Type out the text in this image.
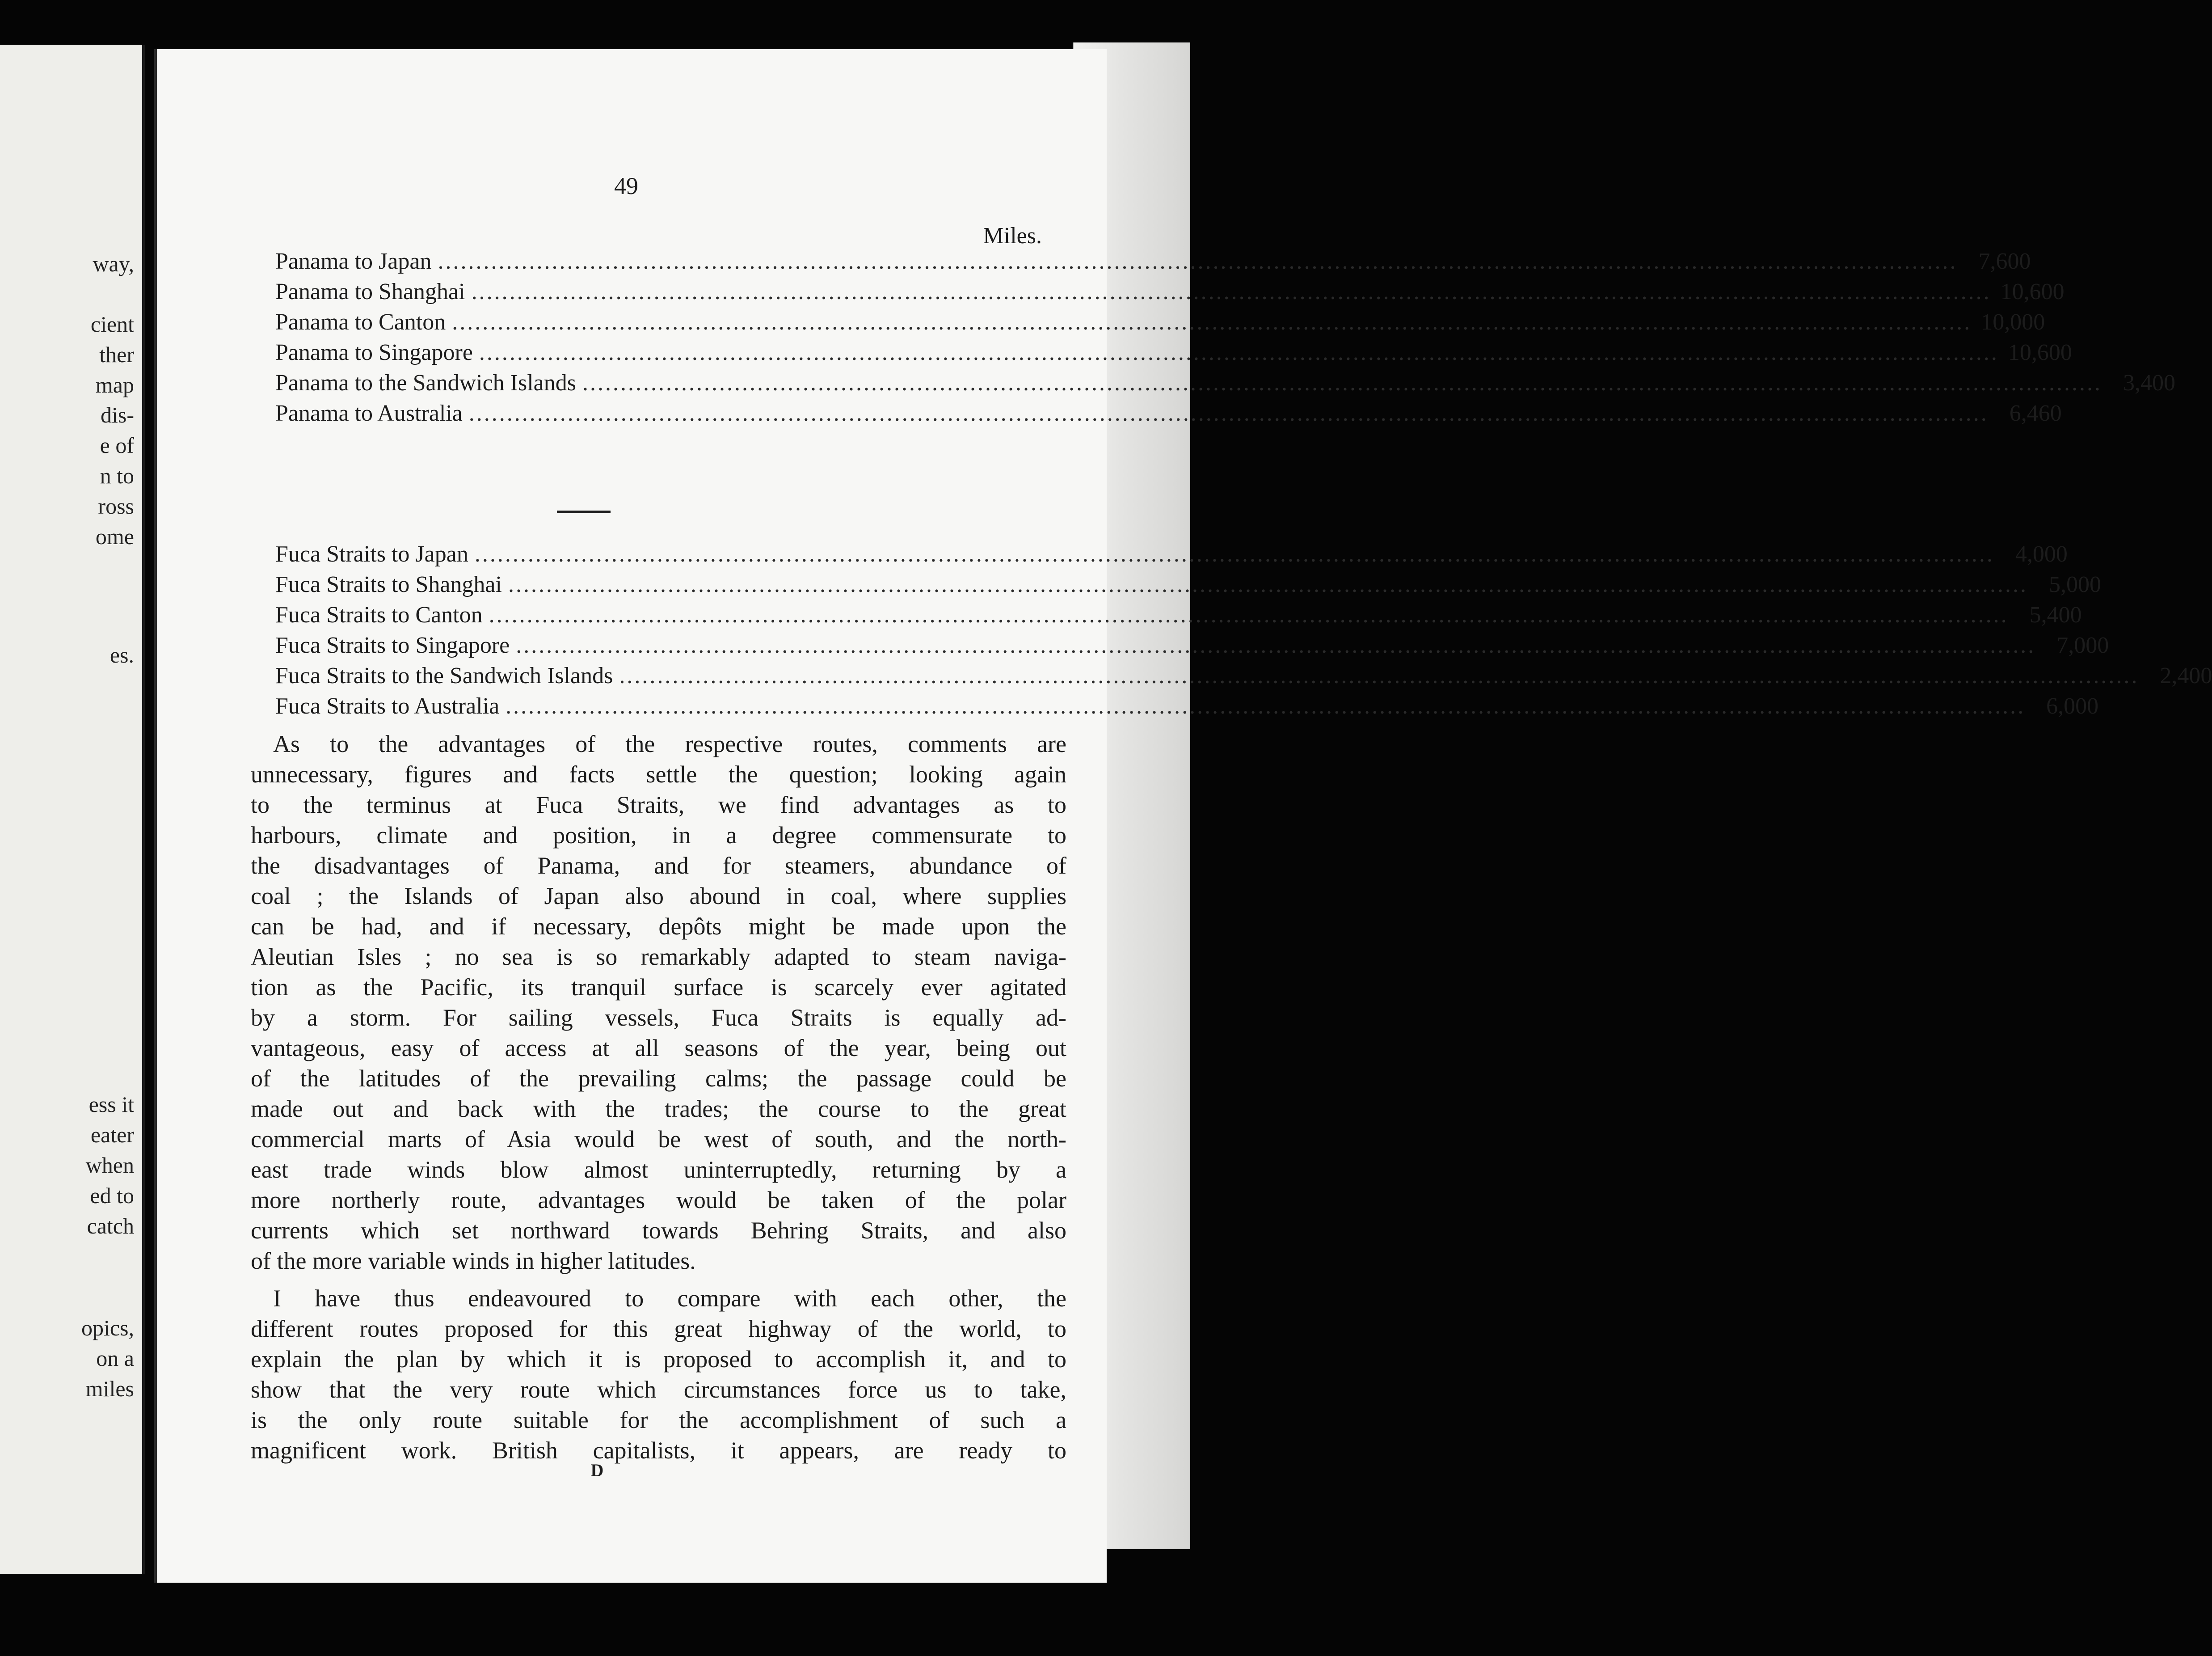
way,
cient
ther
map
dis-
e of
n to
ross
ome
es.
ess it
eater
when
ed to
catch
opics,
on a
miles
49
Miles.
Panama to Japan ........................................................................................................................................................................................................ 7,600
Panama to Shanghai ........................................................................................................................................................................................................ 10,600
Panama to Canton ........................................................................................................................................................................................................ 10,000
Panama to Singapore ........................................................................................................................................................................................................ 10,600
Panama to the Sandwich Islands ........................................................................................................................................................................................................ 3,400
Panama to Australia ........................................................................................................................................................................................................ 6,460
Fuca Straits to Japan ........................................................................................................................................................................................................ 4,000
Fuca Straits to Shanghai ........................................................................................................................................................................................................ 5,000
Fuca Straits to Canton ........................................................................................................................................................................................................ 5,400
Fuca Straits to Singapore ........................................................................................................................................................................................................ 7,000
Fuca Straits to the Sandwich Islands ........................................................................................................................................................................................................ 2,400
Fuca Straits to Australia ........................................................................................................................................................................................................ 6,000
As to the advantages of the respective routes, comments are
unnecessary, figures and facts settle the question; looking again
to the terminus at Fuca Straits, we find advantages as to
harbours, climate and position, in a degree commensurate to
the disadvantages of Panama, and for steamers, abundance of
coal ; the Islands of Japan also abound in coal, where supplies
can be had, and if necessary, depôts might be made upon the
Aleutian Isles ; no sea is so remarkably adapted to steam naviga-
tion as the Pacific, its tranquil surface is scarcely ever agitated
by a storm. For sailing vessels, Fuca Straits is equally ad-
vantageous, easy of access at all seasons of the year, being out
of the latitudes of the prevailing calms; the passage could be
made out and back with the trades; the course to the great
commercial marts of Asia would be west of south, and the north-
east trade winds blow almost uninterruptedly, returning by a
more northerly route, advantages would be taken of the polar
currents which set northward towards Behring Straits, and also
of the more variable winds in higher latitudes.
I have thus endeavoured to compare with each other, the
different routes proposed for this great highway of the world, to
explain the plan by which it is proposed to accomplish it, and to
show that the very route which circumstances force us to take,
is the only route suitable for the accomplishment of such a
magnificent work. British capitalists, it appears, are ready to
D
